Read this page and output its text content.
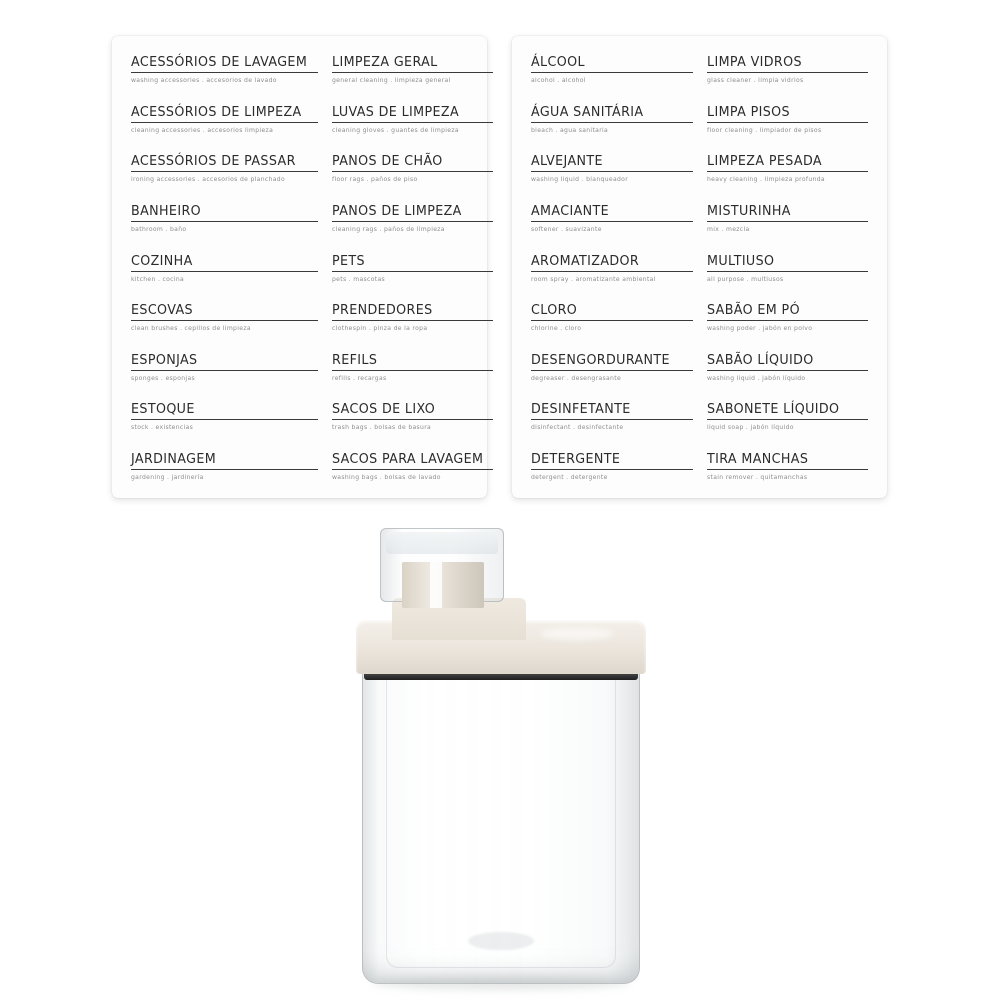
ACESSÓRIOS DE LAVAGEM
washing accessories . accesorios de lavado
ACESSÓRIOS DE LIMPEZA
cleaning accessories . accesorios limpieza
ACESSÓRIOS DE PASSAR
ironing accessories . accesorios de planchado
BANHEIRO
bathroom . baño
COZINHA
kitchen . cocina
ESCOVAS
clean brushes . cepillos de limpieza
ESPONJAS
sponges . esponjas
ESTOQUE
stock . existencias
JARDINAGEM
gardening . jardinería
LIMPEZA GERAL
general cleaning . limpieza general
LUVAS DE LIMPEZA
cleaning gloves . guantes de limpieza
PANOS DE CHÃO
floor rags . paños de piso
PANOS DE LIMPEZA
cleaning rags . paños de limpieza
PETS
pets . mascotas
PRENDEDORES
clothespin . pinza de la ropa
REFILS
refills . recargas
SACOS DE LIXO
trash bags . bolsas de basura
SACOS PARA LAVAGEM
washing bags . bolsas de lavado
ÁLCOOL
alcohol . alcohol
ÁGUA SANITÁRIA
bleach . agua sanitaria
ALVEJANTE
washing liquid . blanqueador
AMACIANTE
softener . suavizante
AROMATIZADOR
room spray . aromatizante ambiental
CLORO
chlorine . cloro
DESENGORDURANTE
degreaser . desengrasante
DESINFETANTE
disinfectant . desinfectante
DETERGENTE
detergent . detergente
LIMPA VIDROS
glass cleaner . limpia vidrios
LIMPA PISOS
floor cleaning . limpiador de pisos
LIMPEZA PESADA
heavy cleaning . limpieza profunda
MISTURINHA
mix . mezcla
MULTIUSO
all purpose . multiusos
SABÃO EM PÓ
washing poder . jabón en polvo
SABÃO LÍQUIDO
washing liquid . jabón líquido
SABONETE LÍQUIDO
liquid soap . jabón líquido
TIRA MANCHAS
stain remover . quitamanchas
